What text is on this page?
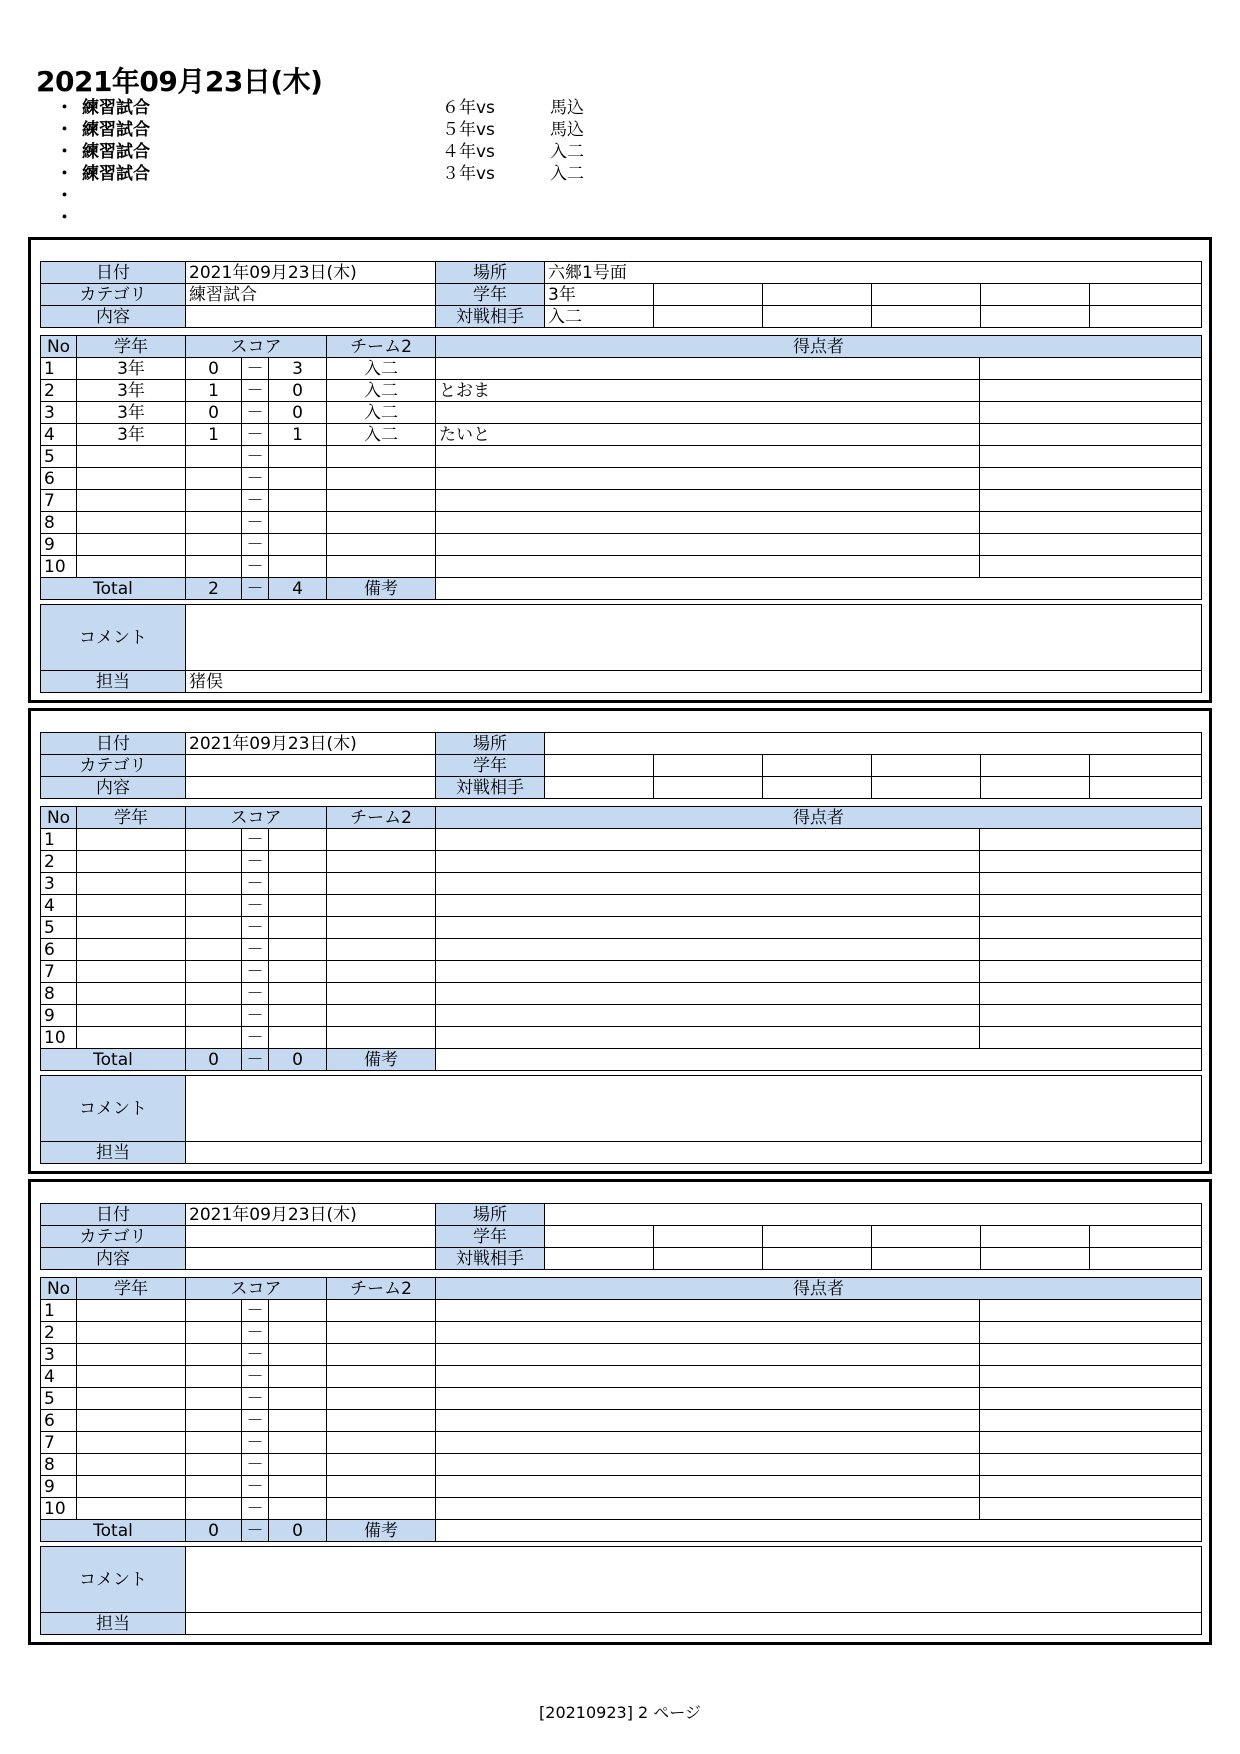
2021年09月23日(木)
・ 練習試合	６年vs	馬込
・ 練習試合	５年vs	馬込
・ 練習試合	４年vs	入二
・ 練習試合	３年vs	入二
・
・
日付	2021年09月23日(木)	場所	六郷1号面					
カテゴリ	練習試合	学年	3年					
内容		対戦相手	入二					
No	学年	スコア			チーム2	得点者	
1	3年	0	－	3	入二		
2	3年	1	－	0	入二	とおま	
3	3年	0	－	0	入二		
4	3年	1	－	1	入二	たいと	
5			－				
6			－				
7			－				
8			－				
9			－				
10			－				
Total		2	－	4	備考		
コメント	
担当	猪俣
日付	2021年09月23日(木)	場所						
カテゴリ		学年						
内容		対戦相手						
No	学年	スコア			チーム2	得点者	
1			－				
2			－				
3			－				
4			－				
5			－				
6			－				
7			－				
8			－				
9			－				
10			－				
Total		0	－	0	備考		
コメント	
担当	
日付	2021年09月23日(木)	場所						
カテゴリ		学年						
内容		対戦相手						
No	学年	スコア			チーム2	得点者	
1			－				
2			－				
3			－				
4			－				
5			－				
6			－				
7			－				
8			－				
9			－				
10			－				
Total		0	－	0	備考		
コメント	
担当	
[20210923] 2 ページ
